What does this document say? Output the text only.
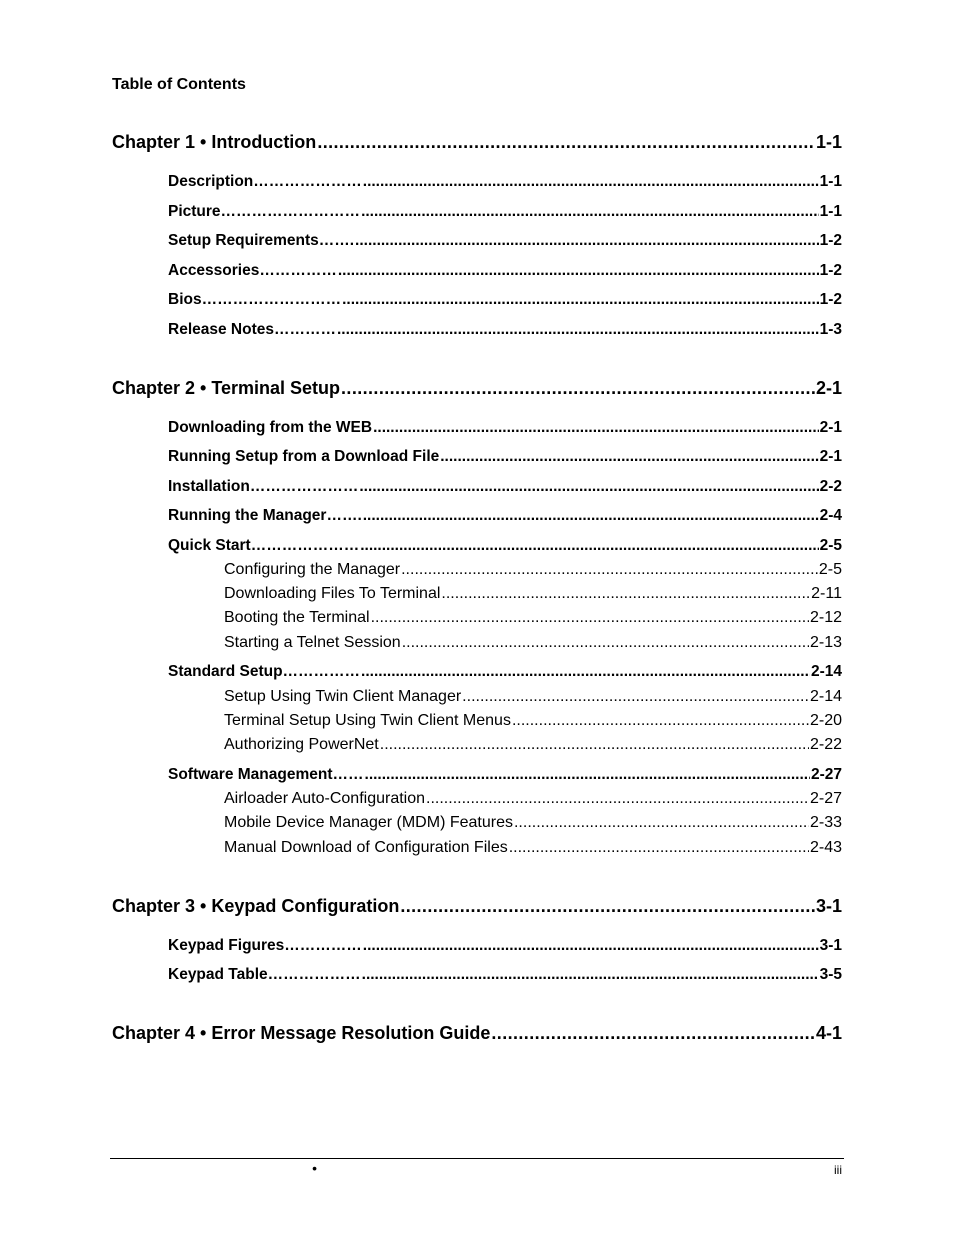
Table of Contents
Chapter 1 • Introduction .....	1-1
Description………………… .....	1-1
Picture……………………… .....	1-1
Setup Requirements……. .....	1-2
Accessories…………… .....	1-2
Bios……………………… .....	1-2
Release Notes………… .....	1-3
Chapter 2 • Terminal Setup .....	2-1
Downloading from the WEB .....	2-1
Running Setup from a Download File .....	2-1
Installation………………… .....	2-2
Running the Manager……. .....	2-4
Quick Start………………… .....	2-5
Configuring the Manager .....	2-5
Downloading Files To Terminal .....	2-11
Booting the Terminal .....	2-12
Starting a Telnet Session .....	2-13
Standard Setup…………… .....	2-14
Setup Using Twin Client Manager .....	2-14
Terminal Setup Using Twin Client Menus .....	2-20
Authorizing PowerNet .....	2-22
Software Management…… .....	2-27
Airloader Auto-Configuration .....	2-27
Mobile Device Manager (MDM) Features .....	2-33
Manual Download of Configuration Files .....	2-43
Chapter 3 • Keypad Configuration .....	3-1
Keypad Figures…………… .....	3-1
Keypad Table……………… .....	3-5
Chapter 4 • Error Message Resolution Guide .....	4-1
•	iii
